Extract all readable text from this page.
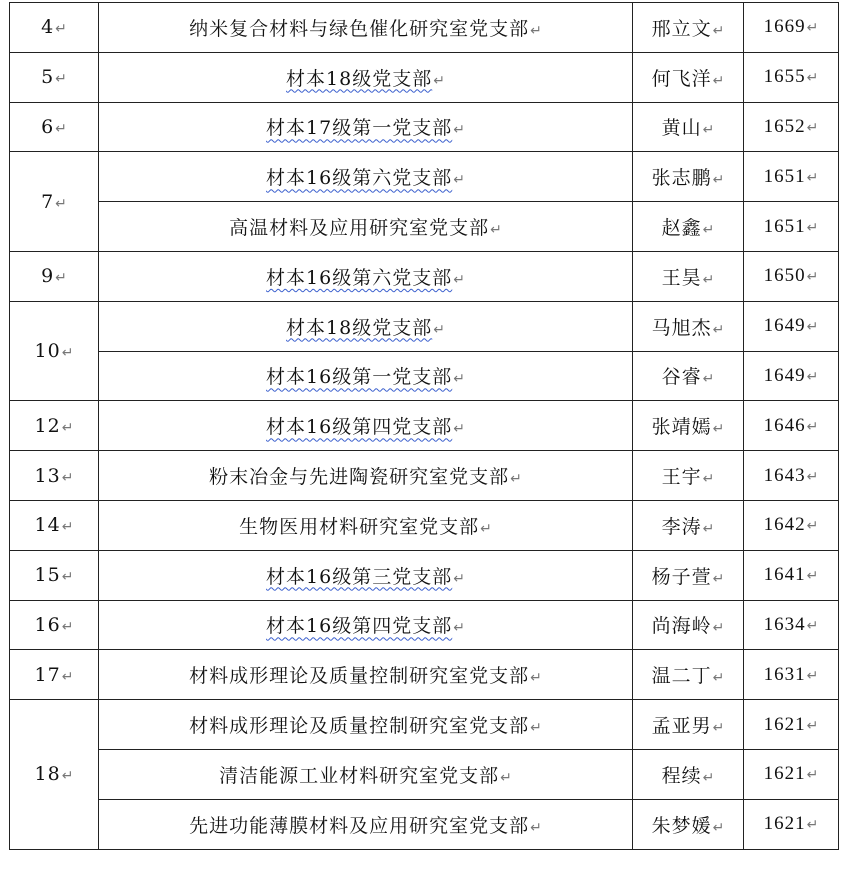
4↵	纳米复合材料与绿色催化研究室党支部↵	邢立文↵	1669↵
5↵	材本18级党支部↵	何飞洋↵	1655↵
6↵	材本17级第一党支部↵	黄山↵	1652↵
7↵	材本16级第六党支部↵	张志鹏↵	1651↵
	高温材料及应用研究室党支部↵	赵鑫↵	1651↵
9↵	材本16级第六党支部↵	王昊↵	1650↵
10↵	材本18级党支部↵	马旭杰↵	1649↵
	材本16级第一党支部↵	谷睿↵	1649↵
12↵	材本16级第四党支部↵	张靖嫣↵	1646↵
13↵	粉末冶金与先进陶瓷研究室党支部↵	王宇↵	1643↵
14↵	生物医用材料研究室党支部↵	李涛↵	1642↵
15↵	材本16级第三党支部↵	杨子萱↵	1641↵
16↵	材本16级第四党支部↵	尚海岭↵	1634↵
17↵	材料成形理论及质量控制研究室党支部↵	温二丁↵	1631↵
18↵	材料成形理论及质量控制研究室党支部↵	孟亚男↵	1621↵
	清洁能源工业材料研究室党支部↵	程续↵	1621↵
	先进功能薄膜材料及应用研究室党支部↵	朱梦媛↵	1621↵
